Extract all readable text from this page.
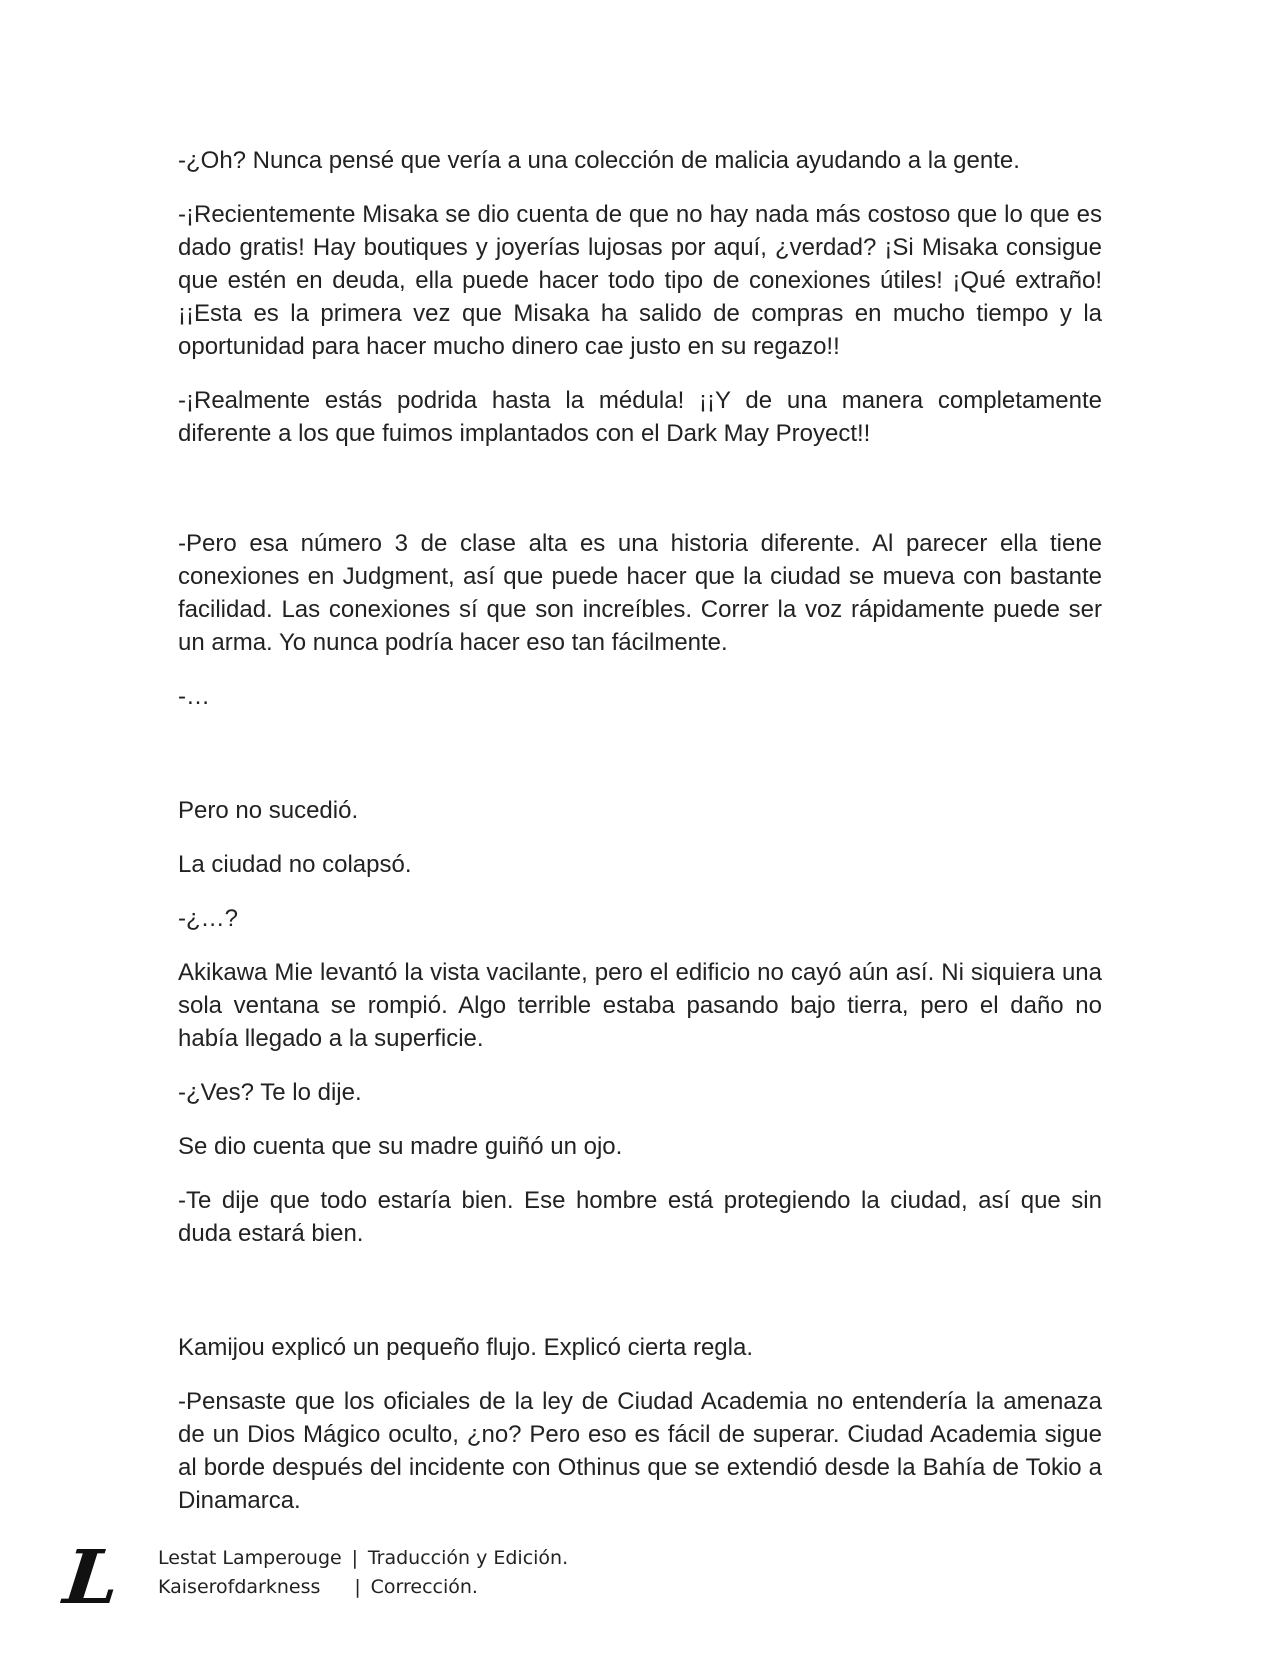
-¿Oh? Nunca pensé que vería a una colección de malicia ayudando a la gente.

-¡Recientemente Misaka se dio cuenta de que no hay nada más costoso que lo que es dado gratis! Hay boutiques y joyerías lujosas por aquí, ¿verdad? ¡Si Misaka consigue que estén en deuda, ella puede hacer todo tipo de conexiones útiles! ¡Qué extraño! ¡¡Esta es la primera vez que Misaka ha salido de compras en mucho tiempo y la oportunidad para hacer mucho dinero cae justo en su regazo!!

-¡Realmente estás podrida hasta la médula! ¡¡Y de una manera completamente diferente a los que fuimos implantados con el Dark May Proyect!!

-Pero esa número 3 de clase alta es una historia diferente. Al parecer ella tiene conexiones en Judgment, así que puede hacer que la ciudad se mueva con bastante facilidad. Las conexiones sí que son increíbles. Correr la voz rápidamente puede ser un arma. Yo nunca podría hacer eso tan fácilmente.

-…

Pero no sucedió.

La ciudad no colapsó.

-¿…?

Akikawa Mie levantó la vista vacilante, pero el edificio no cayó aún así. Ni siquiera una sola ventana se rompió. Algo terrible estaba pasando bajo tierra, pero el daño no había llegado a la superficie.

-¿Ves? Te lo dije.

Se dio cuenta que su madre guiñó un ojo.

-Te dije que todo estaría bien. Ese hombre está protegiendo la ciudad, así que sin duda estará bien.

Kamijou explicó un pequeño flujo. Explicó cierta regla.

-Pensaste que los oficiales de la ley de Ciudad Academia no entendería la amenaza de un Dios Mágico oculto, ¿no? Pero eso es fácil de superar. Ciudad Academia sigue al borde después del incidente con Othinus que se extendió desde la Bahía de Tokio a Dinamarca.

L	Lestat Lamperouge | Traducción y Edición.
Kaiserofdarkness | Corrección.
